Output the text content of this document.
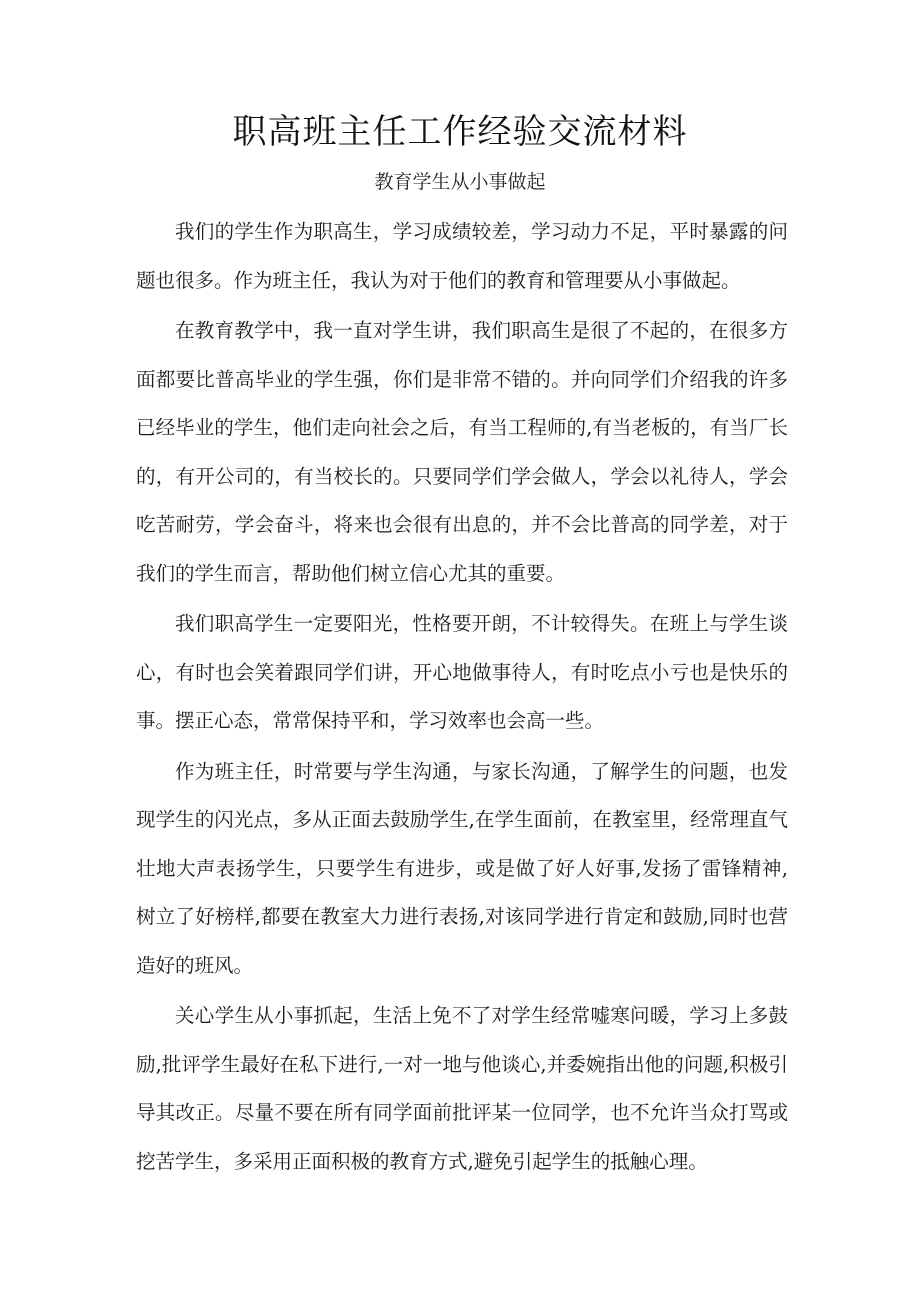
职高班主任工作经验交流材料
教育学生从小事做起

我们的学生作为职高生，学习成绩较差，学习动力不足，平时暴露的问题也很多。作为班主任，我认为对于他们的教育和管理要从小事做起。

在教育教学中，我一直对学生讲，我们职高生是很了不起的，在很多方面都要比普高毕业的学生强，你们是非常不错的。并向同学们介绍我的许多已经毕业的学生，他们走向社会之后，有当工程师的,有当老板的，有当厂长的，有开公司的，有当校长的。只要同学们学会做人，学会以礼待人，学会吃苦耐劳，学会奋斗，将来也会很有出息的，并不会比普高的同学差，对于我们的学生而言，帮助他们树立信心尤其的重要。

我们职高学生一定要阳光，性格要开朗，不计较得失。在班上与学生谈心，有时也会笑着跟同学们讲，开心地做事待人，有时吃点小亏也是快乐的事。摆正心态，常常保持平和，学习效率也会高一些。

作为班主任，时常要与学生沟通，与家长沟通，了解学生的问题，也发现学生的闪光点，多从正面去鼓励学生,在学生面前，在教室里，经常理直气壮地大声表扬学生，只要学生有进步，或是做了好人好事,发扬了雷锋精神,树立了好榜样,都要在教室大力进行表扬,对该同学进行肯定和鼓励,同时也营造好的班风。

关心学生从小事抓起，生活上免不了对学生经常嘘寒问暖，学习上多鼓励,批评学生最好在私下进行,一对一地与他谈心,并委婉指出他的问题,积极引导其改正。尽量不要在所有同学面前批评某一位同学，也不允许当众打骂或挖苦学生，多采用正面积极的教育方式,避免引起学生的抵触心理。
